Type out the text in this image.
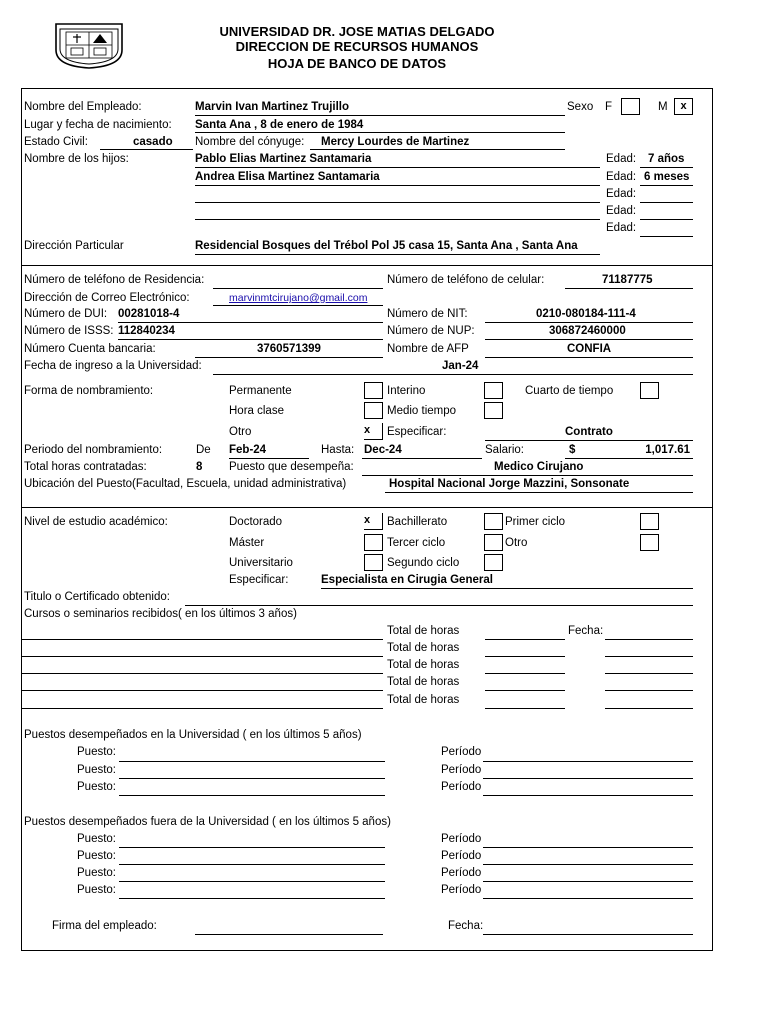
UNIVERSIDAD DR. JOSE MATIAS DELGADO
DIRECCION DE RECURSOS HUMANOS
HOJA DE BANCO DE DATOS
Nombre del Empleado:	Marvin Ivan Martinez Trujillo	Sexo F	M	x
Lugar y fecha de nacimiento: Santa Ana , 8 de enero de 1984
Estado Civil:	casado Nombre del cónyuge: Mercy Lourdes de Martinez
Nombre de los hijos:	Pablo Elias Martinez Santamaria	Edad: 7 años
Andrea Elisa Martinez Santamaria	Edad: 6 meses
Edad:
Edad:
Edad:
Dirección Particular	Residencial Bosques del Trébol Pol J5 casa 15, Santa Ana , Santa Ana
Número de teléfono de Residencia:	Número de teléfono de celular:	71187775
Dirección de Correo Electrónico:	marvinmtcirujano@gmail.com
Número de DUI: 00281018-4	Número de NIT:	0210-080184-111-4
Número de ISSS: 112840234	Número de NUP:	306872460000
Número Cuenta bancaria:	3760571399	Nombre de AFP	CONFIA
Fecha de ingreso a la Universidad:	Jan-24
Forma de nombramiento:	Permanente	Interino	Cuarto de tiempo
Hora clase	Medio tiempo
Otro	x	Especificar:	Contrato
Periodo del nombramiento:	De Feb-24	Hasta: Dec-24	Salario:	$	1,017.61
Total horas contratadas:	8 Puesto que desempeña:	Medico Cirujano
Ubicación del Puesto(Facultad, Escuela, unidad administrativa)	Hospital Nacional Jorge Mazzini, Sonsonate
Nivel de estudio académico:	Doctorado	x	Bachillerato	Primer ciclo
Máster	Tercer ciclo	Otro
Universitario	Segundo ciclo
Especificar:	Especialista en Cirugia General
Titulo o Certificado obtenido:
Cursos o seminarios recibidos( en los últimos 3 años)
Total de horas	Fecha:
Total de horas
Total de horas
Total de horas
Total de horas
Puestos desempeñados en la Universidad ( en los últimos 5 años)
Puesto:	Período
Puesto:	Período
Puesto:	Período
Puestos desempeñados fuera de la Universidad ( en los últimos 5 años)
Puesto:	Período
Puesto:	Período
Puesto:	Período
Puesto:	Período
Firma del empleado:	Fecha:
